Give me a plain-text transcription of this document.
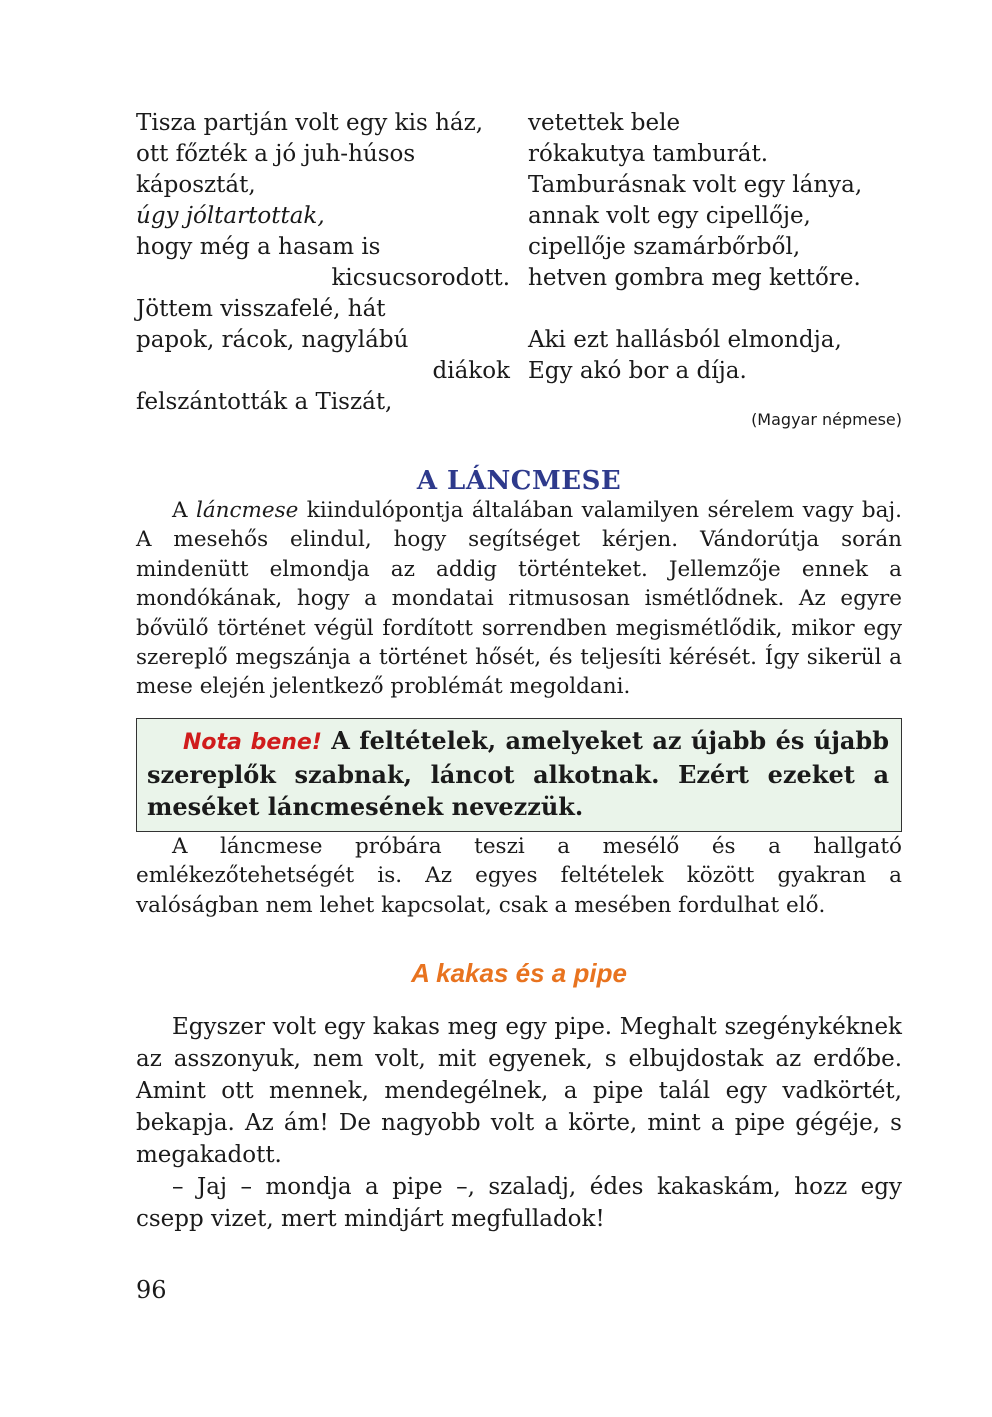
Tisza partján volt egy kis ház,
ott főzték a jó juh-húsos
káposztát,
úgy jóltartottak,
hogy még a hasam is
kicsucsorodott.
Jöttem visszafelé, hát
papok, rácok, nagylábú
diákok
felszántották a Tiszát,
vetettek bele
rókakutya tamburát.
Tamburásnak volt egy lánya,
annak volt egy cipellője,
cipellője szamárbőrből,
hetven gombra meg kettőre.
Aki ezt hallásból elmondja,
Egy akó bor a díja.
(Magyar népmese)
A LÁNCMESE

A láncmese kiindulópontja általában valamilyen sérelem vagy baj. A mesehős elindul, hogy segítséget kérjen. Vándorútja során mindenütt elmondja az addig történteket. Jellemzője ennek a mondókának, hogy a mondatai ritmusosan ismétlődnek. Az egyre bővülő történet végül fordított sorrendben megismétlődik, mikor egy szereplő megszánja a történet hősét, és teljesíti kérését. Így sikerül a mese elején jelentkező problémát megoldani.

Nota bene! A feltételek, amelyeket az újabb és újabb szereplők szabnak, láncot alkotnak. Ezért ezeket a meséket láncmesének nevezzük.

A láncmese próbára teszi a mesélő és a hallgató emlékezőtehetségét is. Az egyes feltételek között gyakran a valóságban nem lehet kapcsolat, csak a mesében fordulhat elő.

A kakas és a pipe

Egyszer volt egy kakas meg egy pipe. Meghalt szegénykéknek az asszonyuk, nem volt, mit egyenek, s elbujdostak az erdőbe. Amint ott mennek, mendegélnek, a pipe talál egy vadkörtét, bekapja. Az ám! De nagyobb volt a körte, mint a pipe gégéje, s megakadott.

– Jaj – mondja a pipe –, szaladj, édes kakaskám, hozz egy csepp vizet, mert mindjárt megfulladok!

96
